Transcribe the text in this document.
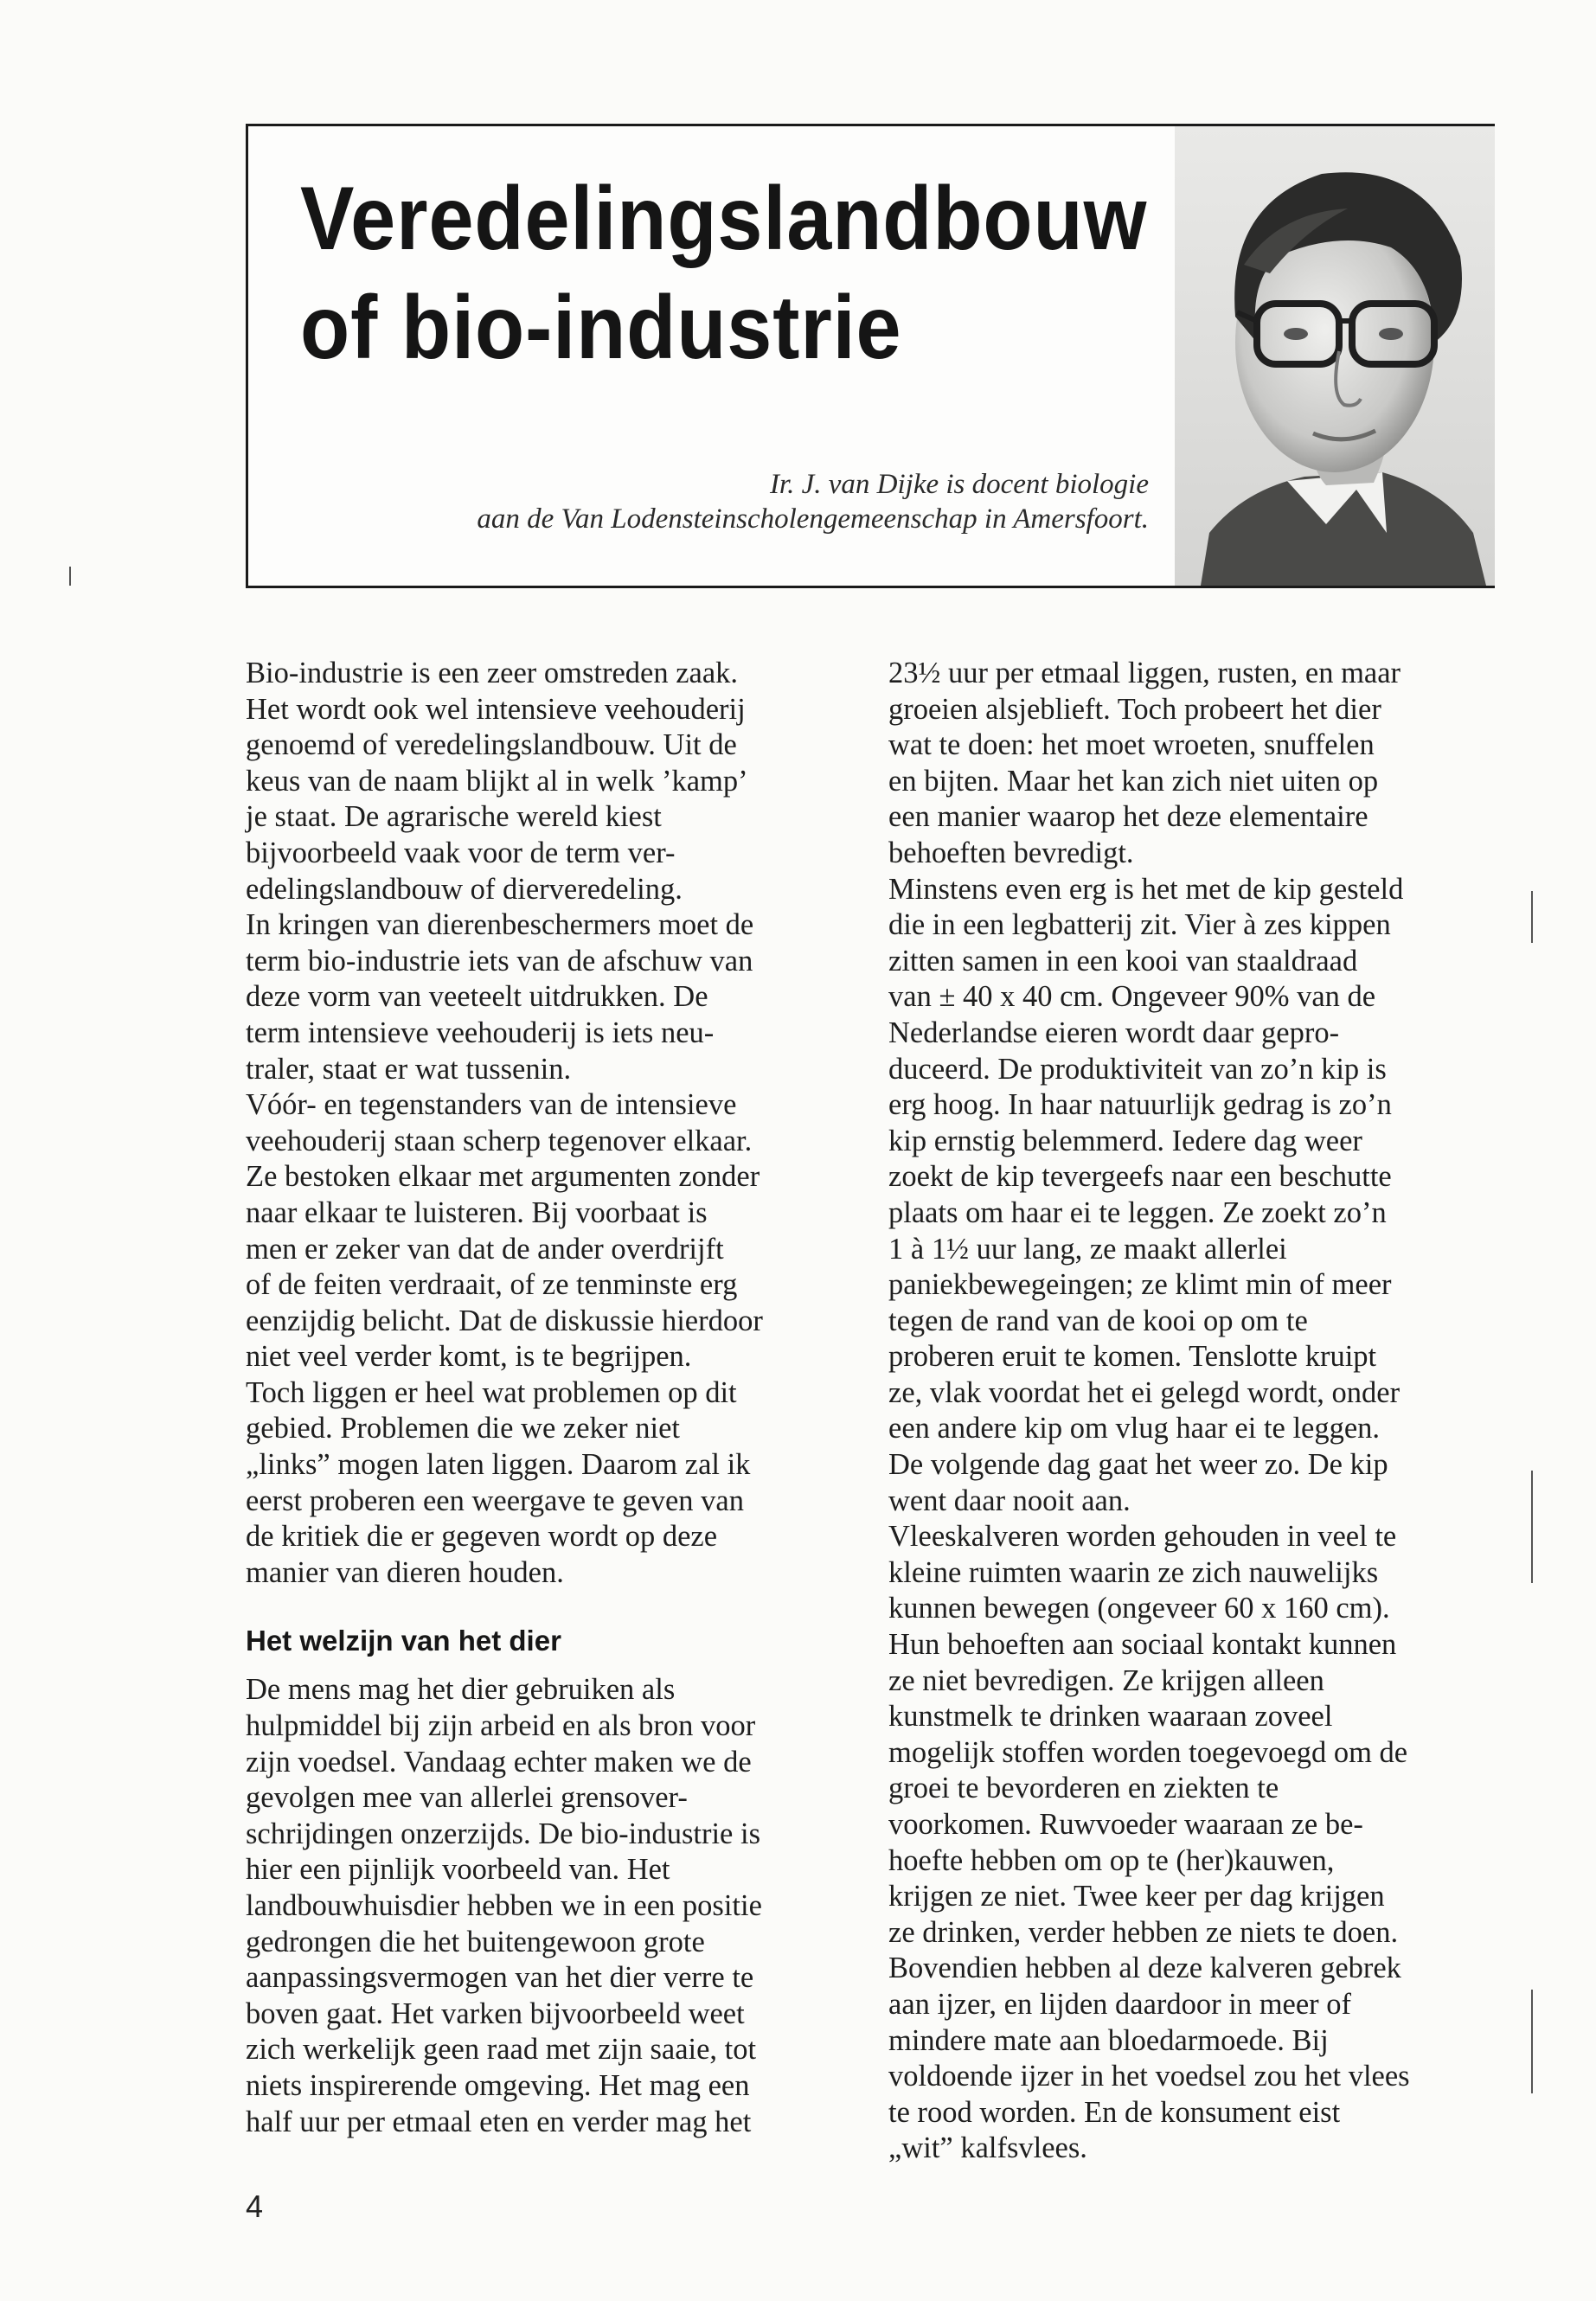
Veredelingslandbouw
of bio-industrie
Ir. J. van Dijke is docent biologie
aan de Van Lodensteinscholengemeenschap in Amersfoort.

Bio-industrie is een zeer omstreden zaak.

Het wordt ook wel intensieve veehouderij

genoemd of veredelingslandbouw. Uit de

keus van de naam blijkt al in welk ’kamp’

je staat. De agrarische wereld kiest

bijvoorbeeld vaak voor de term ver-

edelingslandbouw of dierveredeling.

In kringen van dierenbeschermers moet de

term bio-industrie iets van de afschuw van

deze vorm van veeteelt uitdrukken. De

term intensieve veehouderij is iets neu-

traler, staat er wat tussenin.

Vóór- en tegenstanders van de intensieve

veehouderij staan scherp tegenover elkaar.

Ze bestoken elkaar met argumenten zonder

naar elkaar te luisteren. Bij voorbaat is

men er zeker van dat de ander overdrijft

of de feiten verdraait, of ze tenminste erg

eenzijdig belicht. Dat de diskussie hierdoor

niet veel verder komt, is te begrijpen.

Toch liggen er heel wat problemen op dit

gebied. Problemen die we zeker niet

„links” mogen laten liggen. Daarom zal ik

eerst proberen een weergave te geven van

de kritiek die er gegeven wordt op deze

manier van dieren houden.

Het welzijn van het dier

De mens mag het dier gebruiken als

hulpmiddel bij zijn arbeid en als bron voor

zijn voedsel. Vandaag echter maken we de

gevolgen mee van allerlei grensover-

schrijdingen onzerzijds. De bio-industrie is

hier een pijnlijk voorbeeld van. Het

landbouwhuisdier hebben we in een positie

gedrongen die het buitengewoon grote

aanpassingsvermogen van het dier verre te

boven gaat. Het varken bijvoorbeeld weet

zich werkelijk geen raad met zijn saaie, tot

niets inspirerende omgeving. Het mag een

half uur per etmaal eten en verder mag het

23½ uur per etmaal liggen, rusten, en maar

groeien alsjeblieft. Toch probeert het dier

wat te doen: het moet wroeten, snuffelen

en bijten. Maar het kan zich niet uiten op

een manier waarop het deze elementaire

behoeften bevredigt.

Minstens even erg is het met de kip gesteld

die in een legbatterij zit. Vier à zes kippen

zitten samen in een kooi van staaldraad

van ± 40 x 40 cm. Ongeveer 90% van de

Nederlandse eieren wordt daar gepro-

duceerd. De produktiviteit van zo’n kip is

erg hoog. In haar natuurlijk gedrag is zo’n

kip ernstig belemmerd. Iedere dag weer

zoekt de kip tevergeefs naar een beschutte

plaats om haar ei te leggen. Ze zoekt zo’n

1 à 1½ uur lang, ze maakt allerlei

paniekbewegeingen; ze klimt min of meer

tegen de rand van de kooi op om te

proberen eruit te komen. Tenslotte kruipt

ze, vlak voordat het ei gelegd wordt, onder

een andere kip om vlug haar ei te leggen.

De volgende dag gaat het weer zo. De kip

went daar nooit aan.

Vleeskalveren worden gehouden in veel te

kleine ruimten waarin ze zich nauwelijks

kunnen bewegen (ongeveer 60 x 160 cm).

Hun behoeften aan sociaal kontakt kunnen

ze niet bevredigen. Ze krijgen alleen

kunstmelk te drinken waaraan zoveel

mogelijk stoffen worden toegevoegd om de

groei te bevorderen en ziekten te

voorkomen. Ruwvoeder waaraan ze be-

hoefte hebben om op te (her)kauwen,

krijgen ze niet. Twee keer per dag krijgen

ze drinken, verder hebben ze niets te doen.

Bovendien hebben al deze kalveren gebrek

aan ijzer, en lijden daardoor in meer of

mindere mate aan bloedarmoede. Bij

voldoende ijzer in het voedsel zou het vlees

te rood worden. En de konsument eist

„wit” kalfsvlees.

4
